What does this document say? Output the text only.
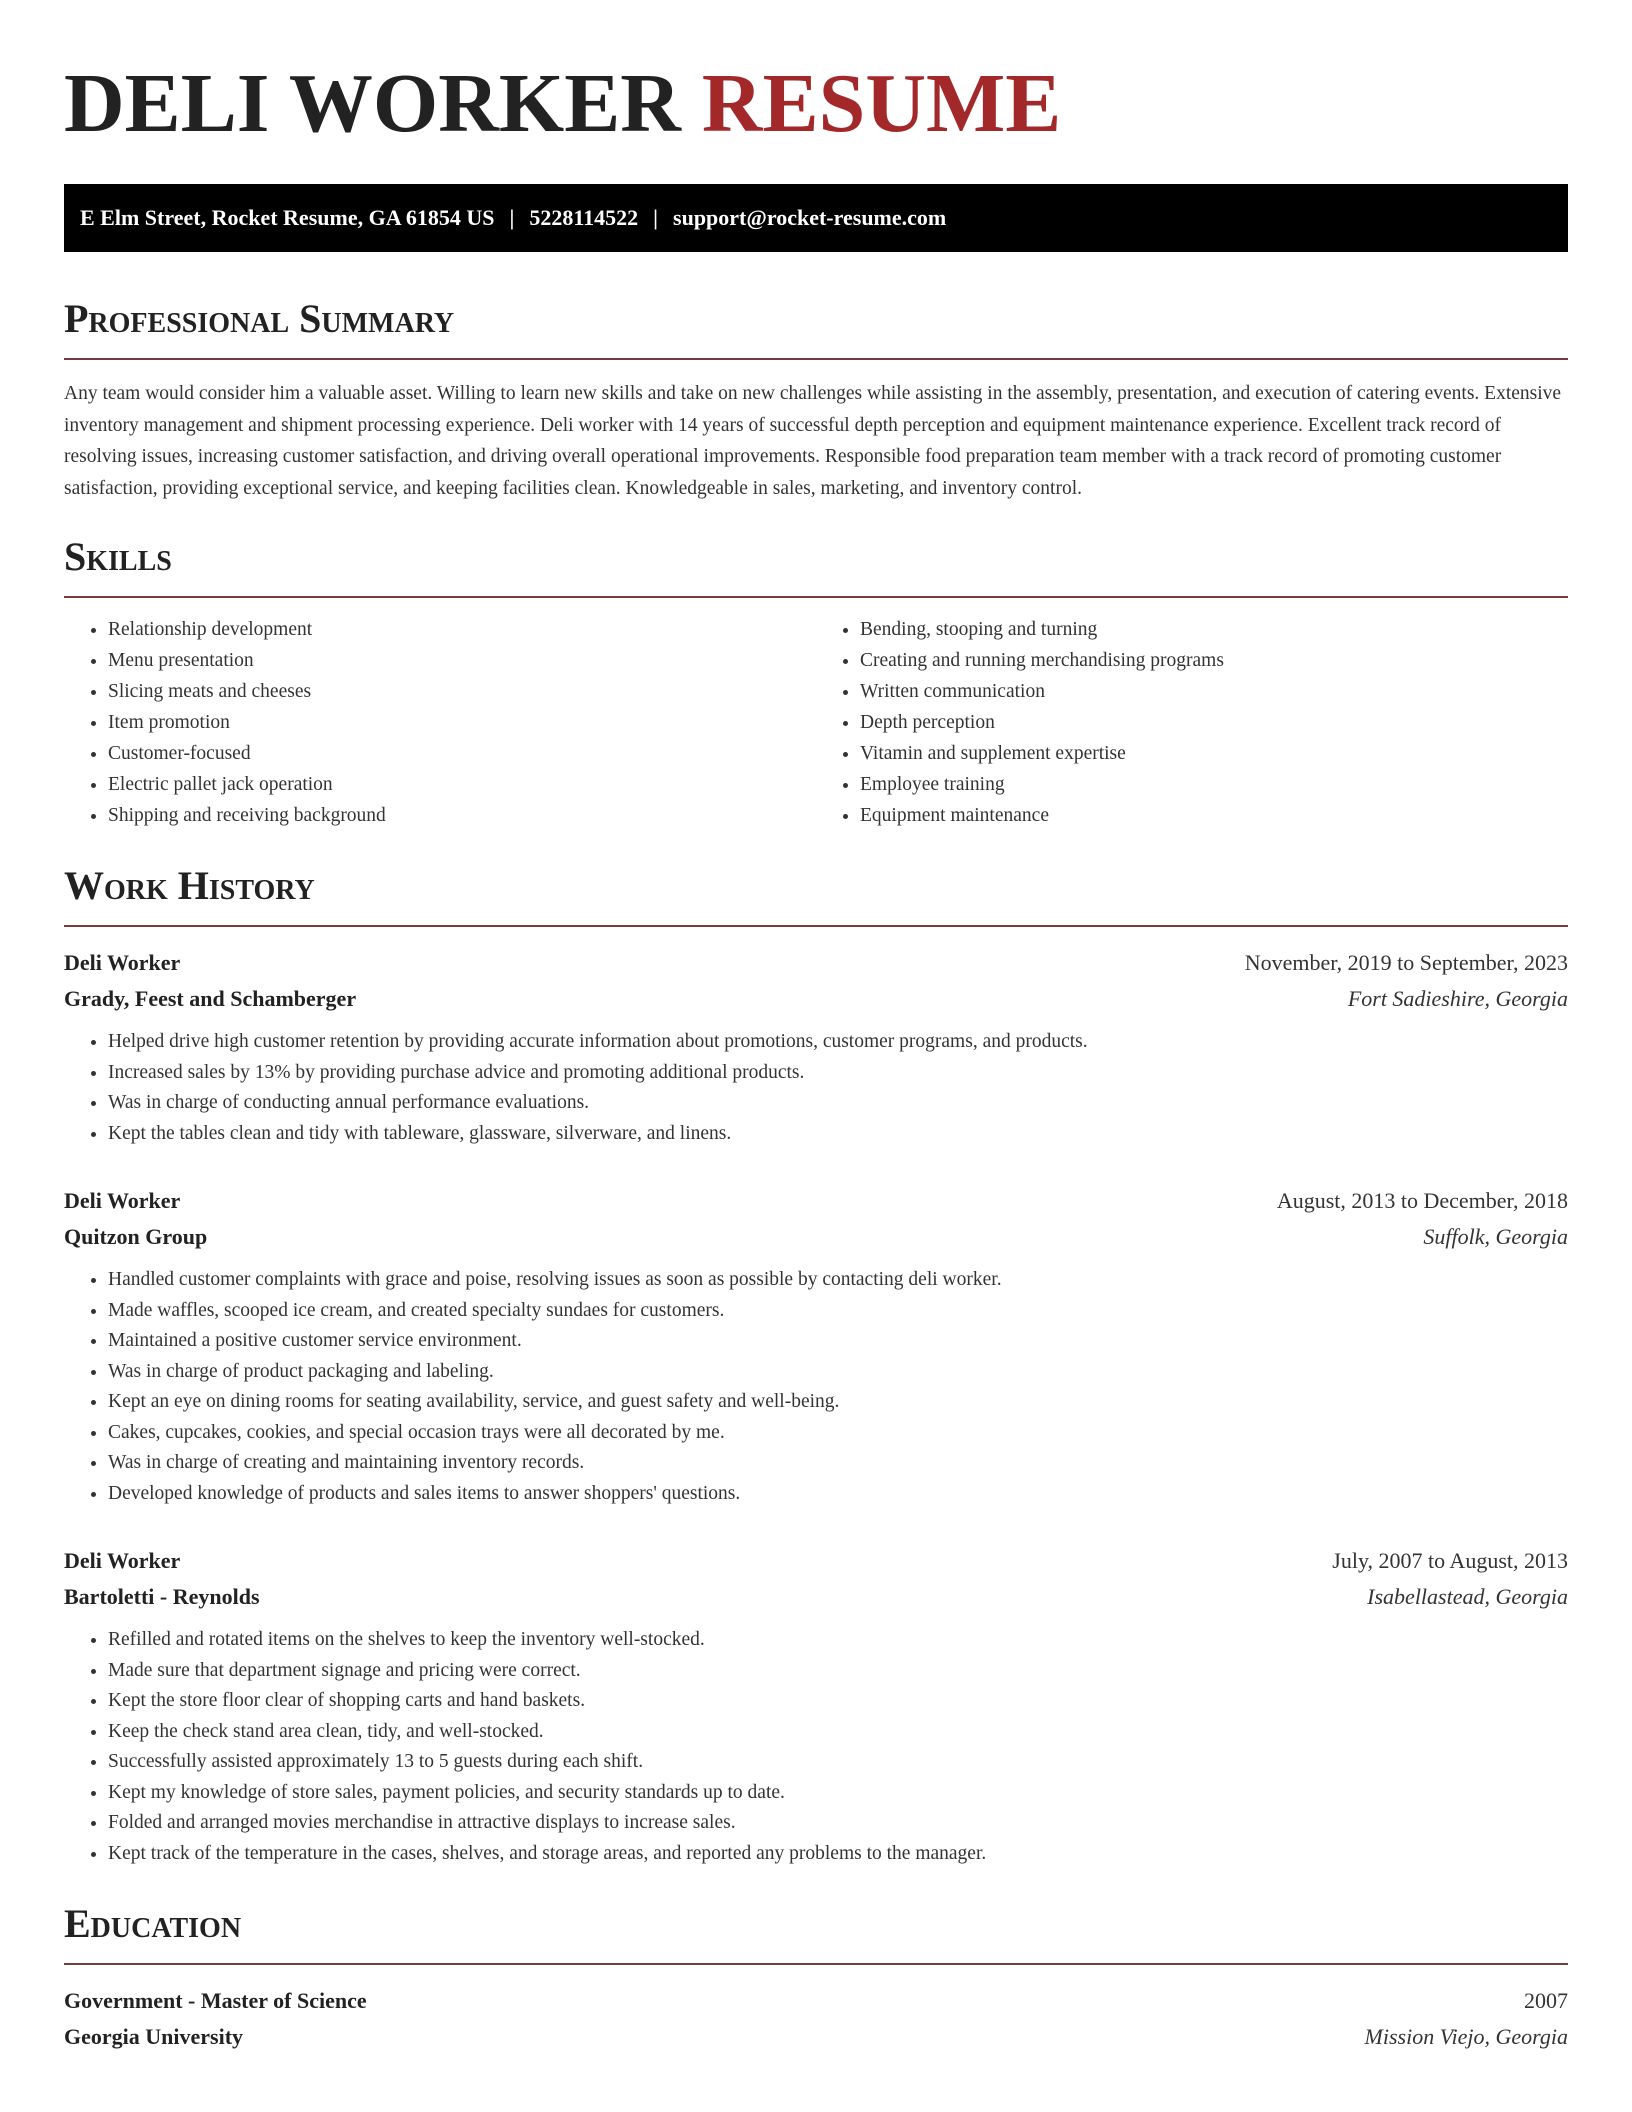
DELI WORKER RESUME
E Elm Street, Rocket Resume, GA 61854 US | 5228114522 | support@rocket-resume.com
Professional Summary

Any team would consider him a valuable asset. Willing to learn new skills and take on new challenges while assisting in the assembly, presentation, and execution of catering events. Extensive inventory management and shipment processing experience. Deli worker with 14 years of successful depth perception and equipment maintenance experience. Excellent track record of resolving issues, increasing customer satisfaction, and driving overall operational improvements. Responsible food preparation team member with a track record of promoting customer satisfaction, providing exceptional service, and keeping facilities clean. Knowledgeable in sales, marketing, and inventory control.

Skills
• Relationship development
• Menu presentation
• Slicing meats and cheeses
• Item promotion
• Customer-focused
• Electric pallet jack operation
• Shipping and receiving background
• Bending, stooping and turning
• Creating and running merchandising programs
• Written communication
• Depth perception
• Vitamin and supplement expertise
• Employee training
• Equipment maintenance
Work History
Deli Worker	November, 2019 to September, 2023
Grady, Feest and Schamberger	Fort Sadieshire, Georgia
• Helped drive high customer retention by providing accurate information about promotions, customer programs, and products.
• Increased sales by 13% by providing purchase advice and promoting additional products.
• Was in charge of conducting annual performance evaluations.
• Kept the tables clean and tidy with tableware, glassware, silverware, and linens.
Deli Worker	August, 2013 to December, 2018
Quitzon Group	Suffolk, Georgia
• Handled customer complaints with grace and poise, resolving issues as soon as possible by contacting deli worker.
• Made waffles, scooped ice cream, and created specialty sundaes for customers.
• Maintained a positive customer service environment.
• Was in charge of product packaging and labeling.
• Kept an eye on dining rooms for seating availability, service, and guest safety and well-being.
• Cakes, cupcakes, cookies, and special occasion trays were all decorated by me.
• Was in charge of creating and maintaining inventory records.
• Developed knowledge of products and sales items to answer shoppers' questions.
Deli Worker	July, 2007 to August, 2013
Bartoletti - Reynolds	Isabellastead, Georgia
• Refilled and rotated items on the shelves to keep the inventory well-stocked.
• Made sure that department signage and pricing were correct.
• Kept the store floor clear of shopping carts and hand baskets.
• Keep the check stand area clean, tidy, and well-stocked.
• Successfully assisted approximately 13 to 5 guests during each shift.
• Kept my knowledge of store sales, payment policies, and security standards up to date.
• Folded and arranged movies merchandise in attractive displays to increase sales.
• Kept track of the temperature in the cases, shelves, and storage areas, and reported any problems to the manager.
Education
Government - Master of Science	2007
Georgia University	Mission Viejo, Georgia
